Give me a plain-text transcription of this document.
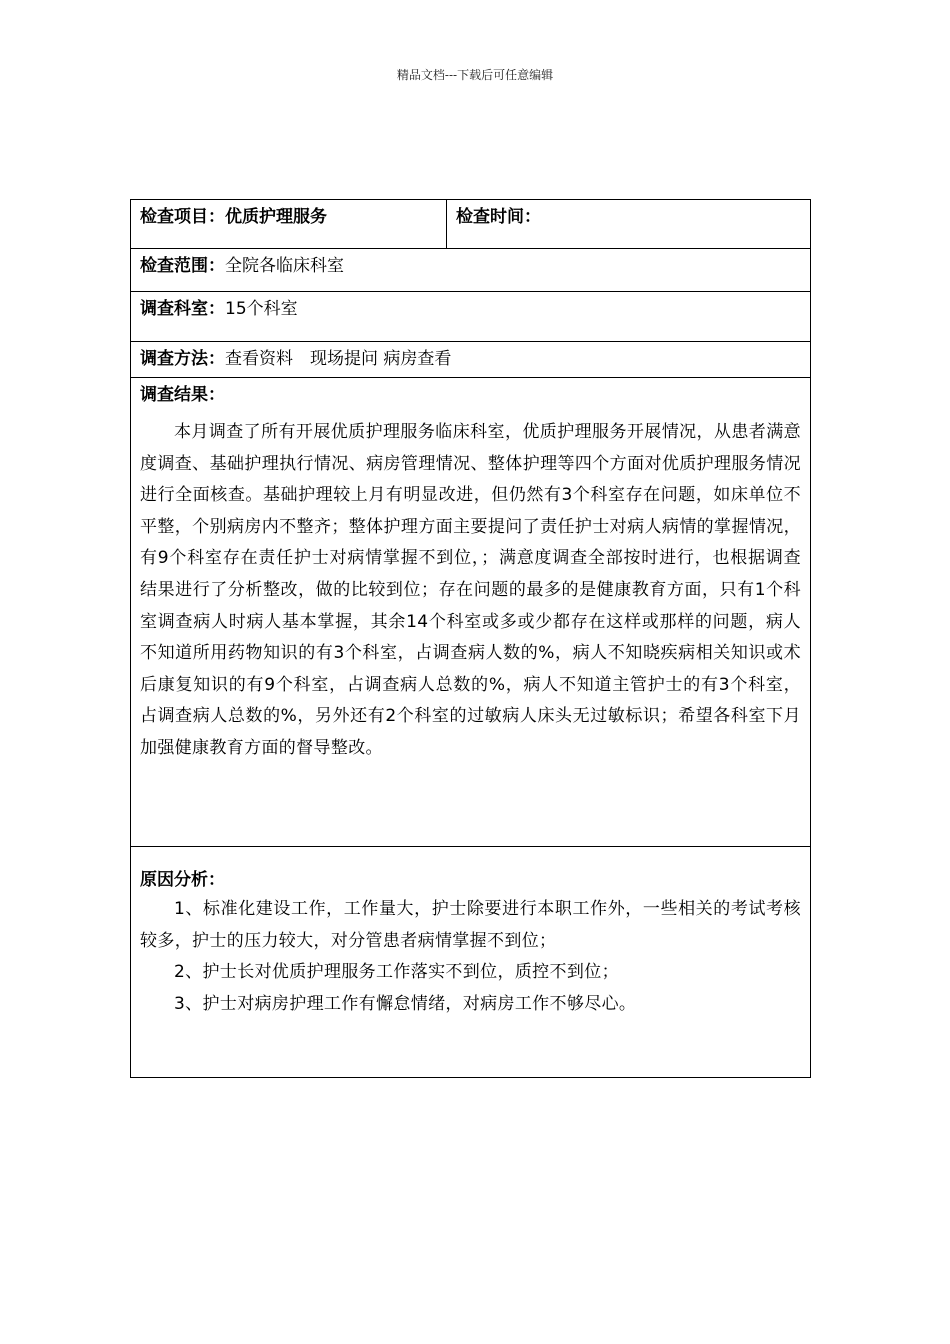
精品文档---下载后可任意编辑
检查项目：优质护理服务	检查时间：
检查范围：全院各临床科室
调查科室：15个科室
调查方法：查看资料　现场提问 病房查看
调查结果：

本月调查了所有开展优质护理服务临床科室，优质护理服务开展情况，从患者满意度调查、基础护理执行情况、病房管理情况、整体护理等四个方面对优质护理服务情况进行全面核查。基础护理较上月有明显改进，但仍然有3个科室存在问题，如床单位不平整，个别病房内不整齐；整体护理方面主要提问了责任护士对病人病情的掌握情况，有9个科室存在责任护士对病情掌握不到位，；满意度调查全部按时进行，也根据调查结果进行了分析整改，做的比较到位；存在问题的最多的是健康教育方面，只有1个科室调查病人时病人基本掌握，其余14个科室或多或少都存在这样或那样的问题，病人不知道所用药物知识的有3个科室，占调查病人数的%，病人不知晓疾病相关知识或术后康复知识的有9个科室，占调查病人总数的%，病人不知道主管护士的有3个科室，占调查病人总数的%，另外还有2个科室的过敏病人床头无过敏标识；希望各科室下月加强健康教育方面的督导整改。

原因分析：
1、标准化建设工作，工作量大，护士除要进行本职工作外，一些相关的考试考核较多，护士的压力较大，对分管患者病情掌握不到位；
2、护士长对优质护理服务工作落实不到位，质控不到位；
3、护士对病房护理工作有懈怠情绪，对病房工作不够尽心。
